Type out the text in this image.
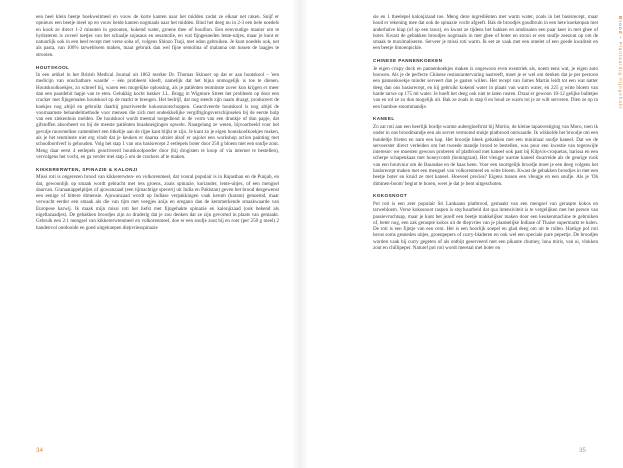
een heel klein beetje boekweitmeel en vouw de korte kanten naar het midden zodat ze elkaar net raken. Snijf er opnieuw een beetje meel op en vouw beide kanten nogmaals naar het midden. Bind het deeg nu in 2-3 een hele noedels en kook ze direct 1-2 minuten in gezouten, kokend water, groene thee of bouillon. Een eenvoudige manier om te hydrateren is zoveel toetjes van het schaalje sojasaus en sesamolie, en wat fijngesneden lente-uitjes, maar je kunt er natuurlijk ook in een heel recept met verse soba of, volgens Shinzo Tsuji, met udon gebruiken. Je kunt noedels ook, net als pasta, van 100% tarwebloem maken, maar gebruik dan wel fijne semolina of malanna om tussen de laagjes te strooien.

HOUTSKOOL

In een artikel in het British Medical Journal uit 1862 merkte Dr. Thomas Skinner op dat er aan houtskool – 'een medicijn van onschatbare waarde' – één probleem kleeft, namelijk dat het bijna onmogelijk is toe te dienen. Houtskoolkoekjes, zo schreef hij, waren een mogelijke oplossing, als je patiënten tenminste zover kon krijgen er meer dan een paardebit hapje van te eten. Gelukkig kocht bakker J.L. Bragg in Wigmore Street het probleem op door een cracker met fijngemalen houtskool op de markt te brengen. Het bedrijf, dat nog steeds zijn naam draagt, produceert de koekjes nog altijd en gebruikt daarbij geactiveerde kokosnootschoppen. Geactiveerde houtskool is nog altijd de voornaamste behandelmethode voor mensen die zich met ondeskkelijke vergiftigingsverschijnselen bij de eerste hulp van een ziekenhuis melden. De houtskool wordt meestal toegediend in de vorm van een drankje of dun papje, dat gifstoffen absorbeert en bij de meeste patiënten braakneigingen opwekt. Naargelang ze weten, bijvoorbeeld voor het gevulje rauwmelkse camembert een titkelije aan de rijpe kant blijkt te zijn. Je kunt zo je eigen houtskoolkoekjes maken, als je het tenminste niet erg vindt dat je keuken er daarna uitziet alsof er asjolot een workshop action painting met schoolbordverf is gehouden. Volg het stap 1 van ons basisrecept 2 eetlepels boter door 250 g bloem met een snufje zout. Meng daar eerst 4 eetlepels geactiveerd houtskoolpoeder door (bij drogisten te koop of via internet te bestellen), vervolgens het vocht, en ga verder met stap 5 om de crackers af te maken.

KIKKERERWTEN, SPINAZIE & KALONJI

Missi roti is ongerezen brood van kikkererwten- en volkorenmeel, dat vooral populair is in Rajasthan en de Punjab, en dat, gewoonlijk op smaak wordt gebracht met iets groens, zoals spinazie, koriander, lente-uitjes, of een mengsel daarvan. Granaatappelpitjes of ajowanzaad (een tijmachtige specerij uit India en Pakistan) geven het brood desgewenst een eenige of bittere dimensie. Ajowanzaad wordt op Indiase verpakkingen vaak kerum (karam) genoemd, maar verwacht eerder een smaak als die van tijm met veegjes anijs en oregano dan de kemmerkende smaakwaarde van Europese karwij. Ik maak mijn missi roti het liefst met fijngehakte spinazie en kalonjizaad (ook bekend als nigellazaadjes). De gebakken broodjes zijn zo draderig dat je zou denken dat ze zijn gevormd in plaats van gemaakt. Gebruik een 2:1 mengsel van kikkererwtenmeel en volkorenmeel, doe er een snufje zout bij en roer (per 250 g meel) 2 handenvol ontdooide en goed uitgeknepen diepvriesspinazie

34
Brood • Plantaardig Fijngehakt

sie en 1 theelepel kalonjizaad toe. Meng deze ingrediënten met warm water, zoals in het basisrecept, maar houd er rekening mee dat ook de spinazie vocht afgeeft. Bak de broodjes goudbruin in een hete koekenpan met anderhalve klap (of op een tawa), en kwast ze tijdens het bakken en omdraaien een paar keer in met ghee of boter. Kwast de gebakken broodjes nogmaals in met ghee of boter en strooi er een snufje zeezout op om de smaak te maximaliseren. Serveer je missi roti warm. Ik eet ze vaak met een omelet of een goede kwaliteit en een beetje limoenpickle.

CHINESE PANNENKOEKEN

Je eigen crispy duck en pannenkoekjes maken is ongewoon even exentriek als, noem eens wat, je eigen auto bouwen. Als je de perfecte Chinese restaurantervaring nastreeft, moet je er wel om denken dat je per persoon een pannenkoekje minder serveert dan je gasten willen. Het recept van James Martin leidt tot een wat natter deeg dan ons basisrecept, en hij gebruikt kokend water in plaats van warm water, en 225 g witte bloem van harde tarwe op 175 ml water. Je hoeft het deeg ook niet te laten rusten. Draai er gewoon 10-12 gelijke balletjes van en rol ze zo dun mogelijk uit. Bak ze zoals in stap 6 en houd ze warm tot je ze wilt serveren. Dien ze op in een bamboe stoommandje.

KANEEL

Zo zat roti aan een heerlijk bordje warme aubergineftrist bij Morito, de kleine tapasvestiging van Moro, toen ik onder in ons broodmandje een als servet vermomd stukje platbrood ontwaarde. Ik wikkelde het broodje om een bundeltje frieten en nam een hap. Het broodje bleek gebakken met een minimaal snufje kaneel. Dat we de serveerster direct verleiden om het tweede mandje brood te bestellen, was puur een kwestie van tegenwijle interesse: we moesten gewoon proberen of platbrood met kaneel ook past bij Kilpvis-croquetas, harissa en een scherpe schapenkaas met honeycomb (honingraat). Het vleugje warme kaneel dwarrelde als de geurige rook van een houtvuur om de Basasdae en de kaas heen. Voor een soortgelijk broodje moet je een deeg volgens het basisrecept maken met een mengsel van volkorenmeel en witte bloem. Kwast de gebakken broodjes in met een beetje boter en kruid ze met kaneel. Hoeveel precies? Eigens tussen een vleugje en een snufje. Als je 'Oh dimmen-boom' begint te horen, weet je dat je bent uitgeschoten.

KOKOSNOOT

Pol roti is een zeer populair Sri Lankaans platbrood, gemaakt van een mengsel van geraspte kokos en tarwebloem. Verse kokosnoot raspen is stsyfusarbeid dat qua intensiviteit is te vergelijken met het persen van passievruchtsap, maar je kunt het jezelf een beetje makkelijker maken door een keukenmachine te gebruiken of, beter nog, een zak geraspte kokos uit de diepvries van je plaatselijke Indiase of Thaise supermarkt te halen. De roti is een fijntje van een cent. Het is een hoorlijk soepel en glad deeg om uit te rollen. Hartige pol roti bevat soms gesneden uitjes, groenpepers of curry-bladeren en ook wel een speciale pure pepertje. De broodjes worden vaak bij curry gegeten of als ontbijt geserveerd met een pikante chutney, luna miris, van ui, vlokken zout en chillipeper. Naturel pol roti wordt meestal met boter en

35
